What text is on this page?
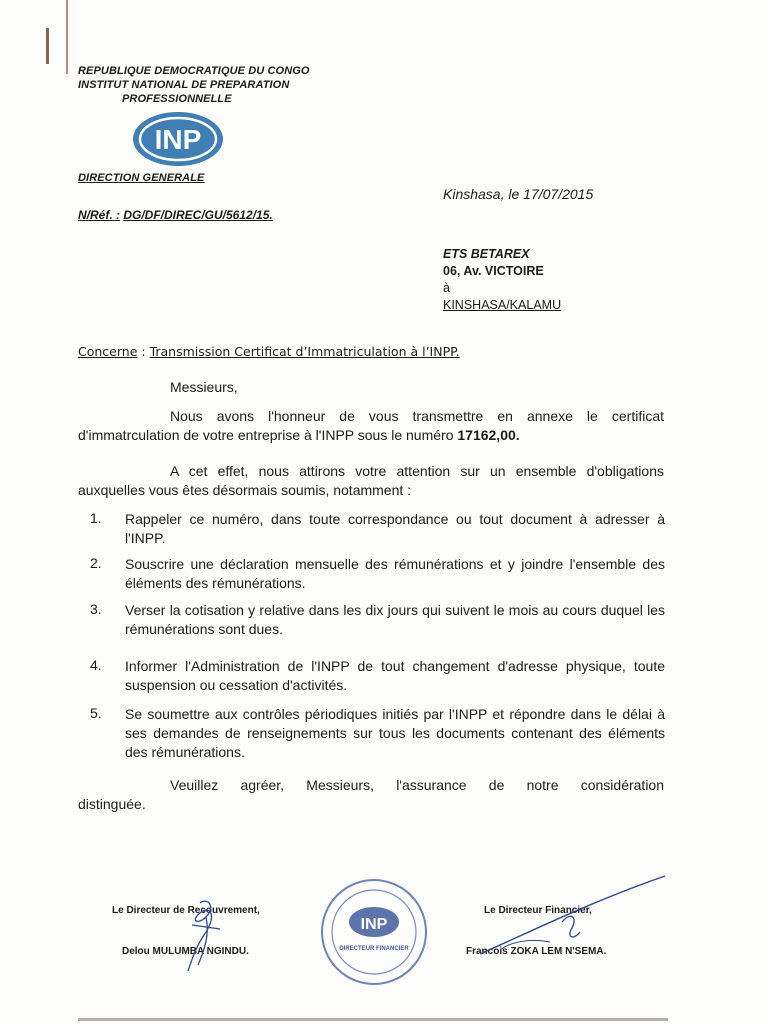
REPUBLIQUE DEMOCRATIQUE DU CONGO
INSTITUT NATIONAL DE PREPARATION
PROFESSIONNELLE
INP
DIRECTION GENERALE
Kinshasa, le 17/07/2015
N/Réf. : DG/DF/DIREC/GU/5612/15.
ETS BETAREX
06, Av. VICTOIRE
à
KINSHASA/KALAMU
Concerne : Transmission Certificat d’Immatriculation à l’INPP.
Messieurs,
Nous avons l'honneur de vous transmettre en annexe le certificat
d'immatrculation de votre entreprise à l'INPP sous le numéro 17162,00.
A cet effet, nous attirons votre attention sur un ensemble d'obligations
auxquelles vous êtes désormais soumis, notamment :
1.	Rappeler ce numéro, dans toute correspondance ou tout document à adresser à l'INPP.
2.	Souscrire une déclaration mensuelle des rémunérations et y joindre l'ensemble des éléments des rémunérations.
3.	Verser la cotisation y relative dans les dix jours qui suivent le mois au cours duquel les rémunérations sont dues.
4.	Informer l'Administration de l'INPP de tout changement d'adresse physique, toute suspension ou cessation d'activités.
5.	Se soumettre aux contrôles périodiques initiés par l'INPP et répondre dans le délai à ses demandes de renseignements sur tous les documents contenant des éléments des rémunérations.
Veuillez agréer, Messieurs, l'assurance de notre considération
distinguée.
Le Directeur de Recouvrement,
Delou MULUMBA NGINDU.
INP
DIRECTEUR FINANCIER
Le Directeur Financier,
Francois ZOKA LEM N'SEMA.
